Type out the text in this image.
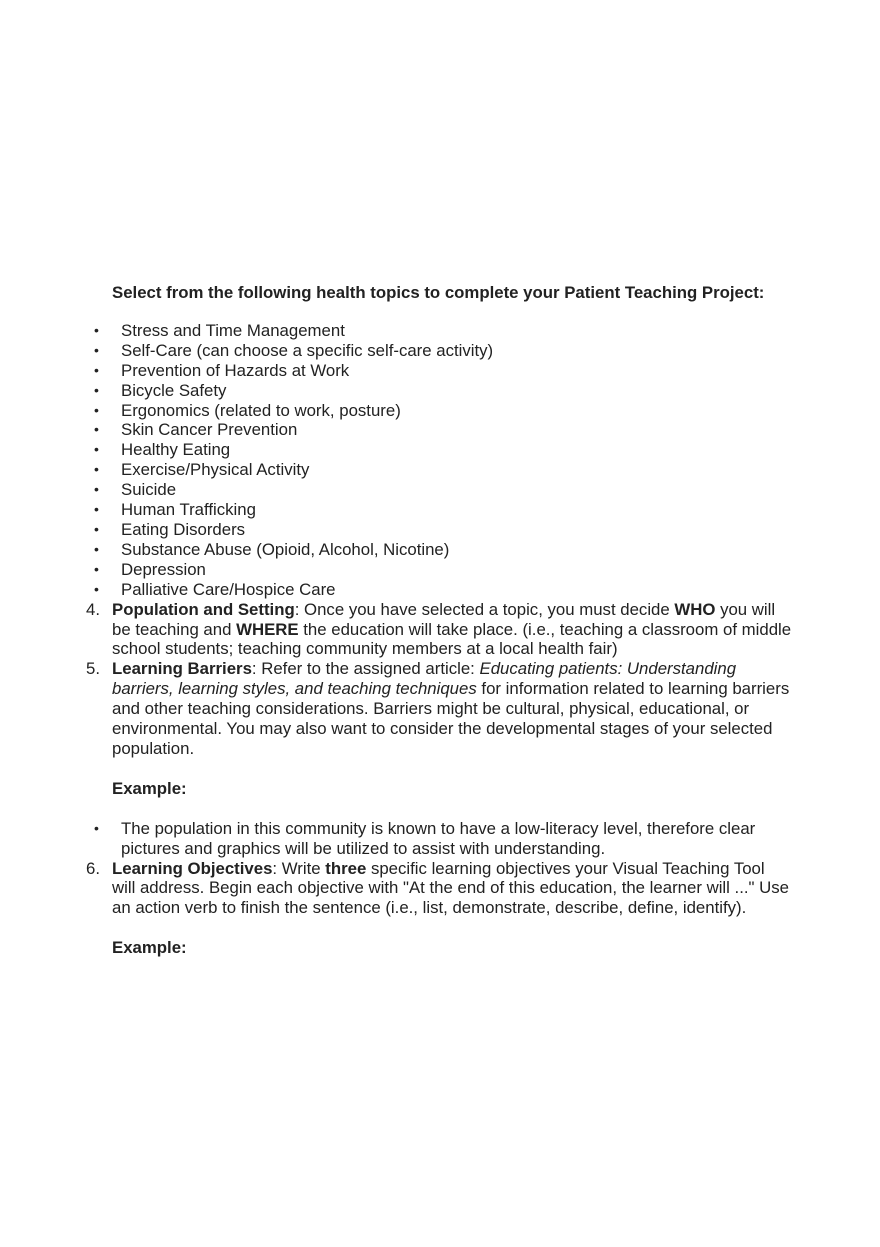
Select from the following health topics to complete your Patient Teaching Project:

• Stress and Time Management
• Self-Care (can choose a specific self-care activity)
• Prevention of Hazards at Work
• Bicycle Safety
• Ergonomics (related to work, posture)
• Skin Cancer Prevention
• Healthy Eating
• Exercise/Physical Activity
• Suicide
• Human Trafficking
• Eating Disorders
• Substance Abuse (Opioid, Alcohol, Nicotine)
• Depression
• Palliative Care/Hospice Care
4. Population and Setting: Once you have selected a topic, you must decide WHO you will be teaching and WHERE the education will take place. (i.e., teaching a classroom of middle school students; teaching community members at a local health fair)

5. Learning Barriers: Refer to the assigned article: Educating patients: Understanding barriers, learning styles, and teaching techniques for information related to learning barriers and other teaching considerations. Barriers might be cultural, physical, educational, or environmental. You may also want to consider the developmental stages of your selected population.

Example:

• The population in this community is known to have a low-literacy level, therefore clear pictures and graphics will be utilized to assist with understanding.
6. Learning Objectives: Write three specific learning objectives your Visual Teaching Tool will address. Begin each objective with "At the end of this education, the learner will ..." Use an action verb to finish the sentence (i.e., list, demonstrate, describe, define, identify).

Example:
